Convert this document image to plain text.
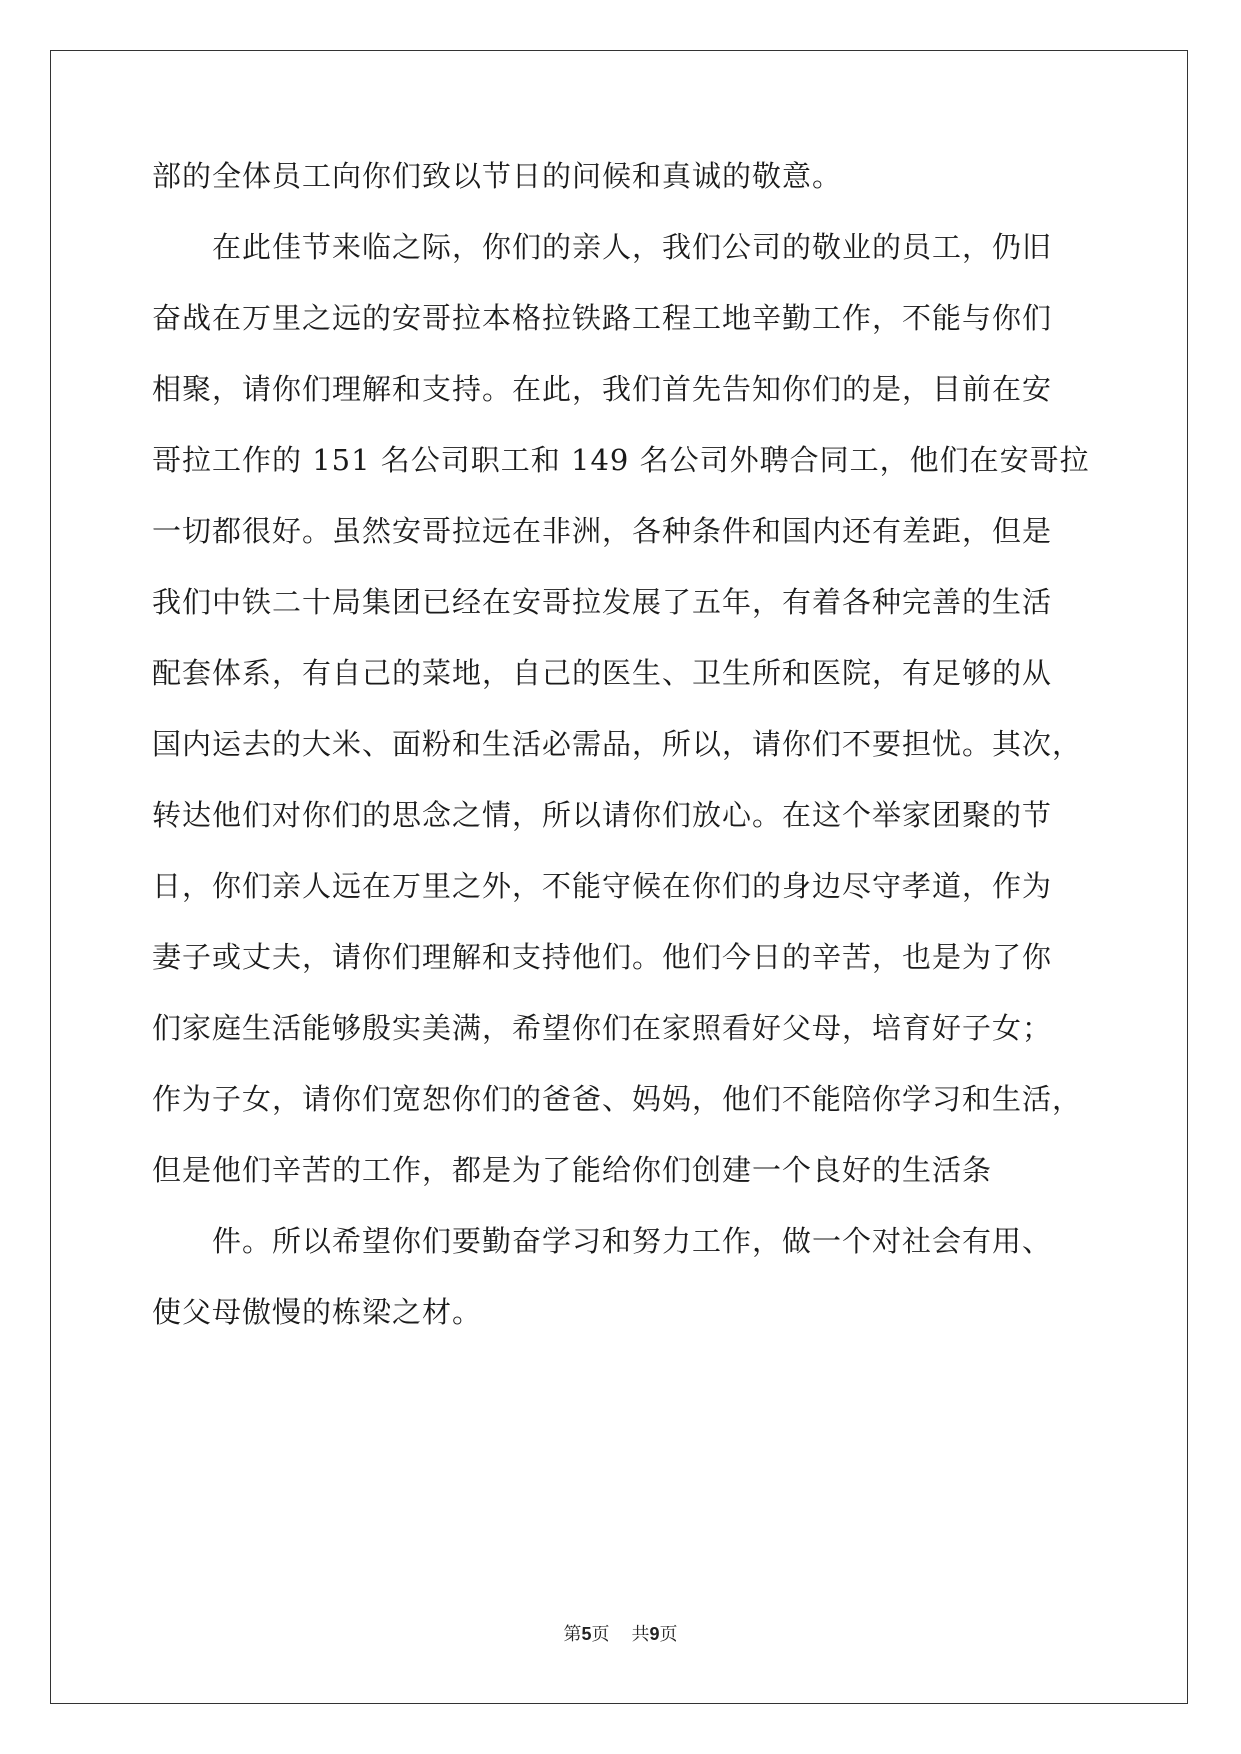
部的全体员工向你们致以节日的问候和真诚的敬意。
在此佳节来临之际，你们的亲人，我们公司的敬业的员工，仍旧
奋战在万里之远的安哥拉本格拉铁路工程工地辛勤工作，不能与你们
相聚，请你们理解和支持。在此，我们首先告知你们的是，目前在安
哥拉工作的 151 名公司职工和 149 名公司外聘合同工，他们在安哥拉
一切都很好。虽然安哥拉远在非洲，各种条件和国内还有差距，但是
我们中铁二十局集团已经在安哥拉发展了五年，有着各种完善的生活
配套体系，有自己的菜地，自己的医生、卫生所和医院，有足够的从
国内运去的大米、面粉和生活必需品，所以，请你们不要担忧。其次，
转达他们对你们的思念之情，所以请你们放心。在这个举家团聚的节
日，你们亲人远在万里之外，不能守候在你们的身边尽守孝道，作为
妻子或丈夫，请你们理解和支持他们。他们今日的辛苦，也是为了你
们家庭生活能够殷实美满，希望你们在家照看好父母，培育好子女；
作为子女，请你们宽恕你们的爸爸、妈妈，他们不能陪你学习和生活，
但是他们辛苦的工作，都是为了能给你们创建一个良好的生活条
件。所以希望你们要勤奋学习和努力工作，做一个对社会有用、
使父母傲慢的栋梁之材。
第5页 共9页
